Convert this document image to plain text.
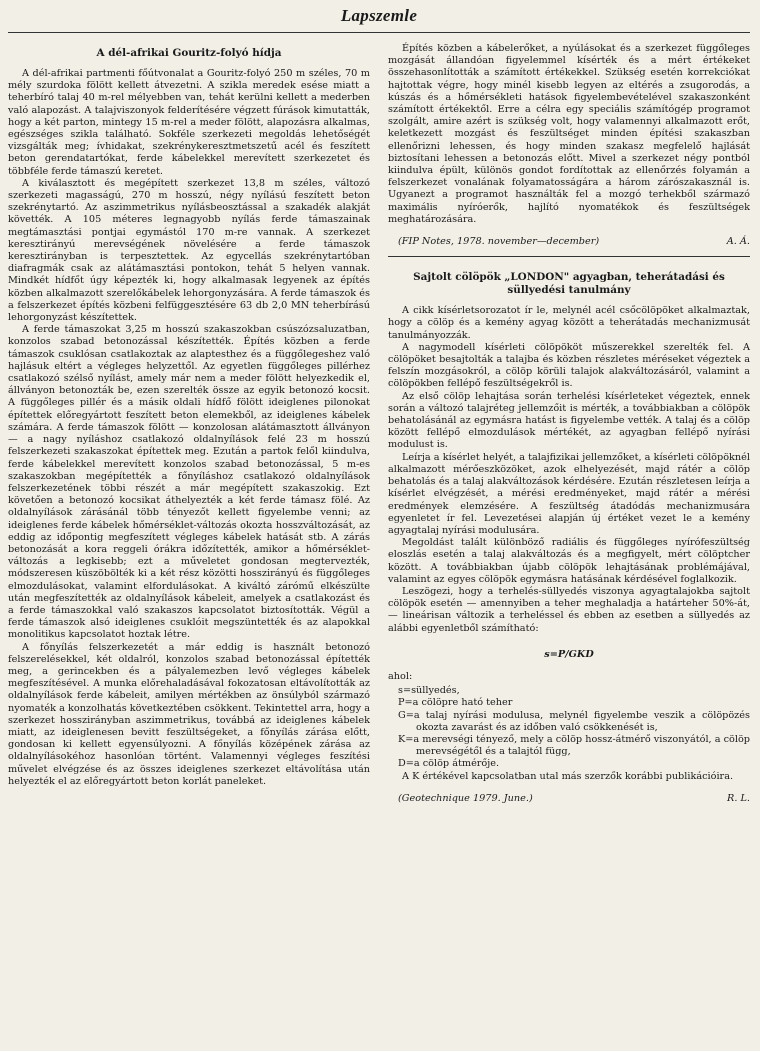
Lapszemle
A dél-afrikai Gouritz-folyó hídja

A dél-afrikai partmenti főútvonalat a Gouritz-folyó 250 m széles, 70 m mély szurdoka fölött kellett átvezetni. A szikla meredek esése miatt a teherbíró talaj 40 m-rel mélyebben van, tehát kerülni kellett a mederben való alapozást. A talajviszonyok felderítésére végzett fúrások kimutatták, hogy a két parton, mintegy 15 m-rel a meder fölött, alapozásra alkalmas, egészséges szikla található. Sokféle szerkezeti megoldás lehetőségét vizsgálták meg; ívhidakat, szekrénykeresztmetszetű acél és feszített beton gerendatartókat, ferde kábelekkel merevített szerkezetet és többféle ferde támaszú keretet.

A kiválasztott és megépített szerkezet 13,8 m széles, változó szerkezeti magasságú, 270 m hosszú, négy nyílású feszített beton szekrénytartó. Az aszimmetrikus nyílásbeosztással a szakadék alakját követték. A 105 méteres legnagyobb nyílás ferde támaszainak megtámasztási pontjai egymástól 170 m-re vannak. A szerkezet keresztirányú merevségének növelésére a ferde támaszok keresztirányban is terpesztettek. Az egycellás szekrénytartóban diafragmák csak az alátámasztási pontokon, tehát 5 helyen vannak. Mindkét hídfőt úgy képezték ki, hogy alkalmasak legyenek az építés közben alkalmazott szerelőkábelek lehorgonyzására. A ferde támaszok és a felszerkezet építés közbeni felfüggesztésére 63 db 2,0 MN teherbírású lehorgonyzást készítettek.

A ferde támaszokat 3,25 m hosszú szakaszokban csúszózsaluzatban, konzolos szabad betonozással készítették. Építés közben a ferde támaszok csuklósan csatlakoztak az alaptesthez és a függőlegeshez való hajlásuk eltért a végleges helyzettől. Az egyetlen függőleges pillérhez csatlakozó szélső nyílást, amely már nem a meder fölött helyezkedik el, állványon betonozták be, ezen szerelték össze az egyik betonozó kocsit. A függőleges pillér és a másik oldali hídfő fölött ideiglenes pilonokat építettek előregyártott feszített beton elemekből, az ideiglenes kábelek számára. A ferde támaszok fölött — konzolosan alátámasztott állványon — a nagy nyíláshoz csatlakozó oldalnyílások felé 23 m hosszú felszerkezeti szakaszokat építettek meg. Ezután a partok felől kiindulva, ferde kábelekkel merevített konzolos szabad betonozással, 5 m-es szakaszokban megépítették a főnyíláshoz csatlakozó oldalnyílások felszerkezetének többi részét a már megépített szakaszokig. Ezt követően a betonozó kocsikat áthelyezték a két ferde támasz fölé. Az oldalnyílások zárásánál több tényezőt kellett figyelembe venni; az ideiglenes ferde kábelek hőmérséklet-változás okozta hosszváltozását, az eddig az időpontig megfeszített végleges kábelek hatását stb. A zárás betonozását a kora reggeli órákra időzítették, amikor a hőmérséklet-változás a legkisebb; ezt a műveletet gondosan megtervezték, módszeresen küszöbölték ki a két rész közötti hosszirányú és függőleges elmozdulásokat, valamint elfordulásokat. A kiváltó zárómű elkészülte után megfeszítették az oldalnyílások kábeleit, amelyek a csatlakozást és a ferde támaszokkal való szakaszos kapcsolatot biztosították. Végül a ferde támaszok alsó ideiglenes csuklóit megszüntették és az alapokkal monolitikus kapcsolatot hoztak létre.

A főnyílás felszerkezetét a már eddig is használt betonozó felszerelésekkel, két oldalról, konzolos szabad betonozással építették meg, a gerincekben és a pályalemezben levő végleges kábelek megfeszítésével. A munka előrehaladásával fokozatosan eltávolították az oldalnyílások ferde kábeleit, amilyen mértékben az önsúlyból származó nyomaték a konzolhatás következtében csökkent. Tekintettel arra, hogy a szerkezet hosszirányban aszimmetrikus, továbbá az ideiglenes kábelek miatt, az ideiglenesen bevitt feszültségeket, a főnyílás zárása előtt, gondosan ki kellett egyensúlyozni. A főnyílás középének zárása az oldalnyílásokéhoz hasonlóan történt. Valamennyi végleges feszítési művelet elvégzése és az összes ideiglenes szerkezet eltávolítása után helyezték el az előregyártott beton korlát paneleket.

Építés közben a kábelerőket, a nyúlásokat és a szerkezet függőleges mozgását állandóan figyelemmel kísérték és a mért értékeket összehasonlították a számított értékekkel. Szükség esetén korrekciókat hajtottak végre, hogy minél kisebb legyen az eltérés a zsugorodás, a kúszás és a hőmérsékleti hatások figyelembevételével szakaszonként számított értékektől. Erre a célra egy speciális számítógép programot szolgált, amire azért is szükség volt, hogy valamennyi alkalmazott erőt, keletkezett mozgást és feszültséget minden építési szakaszban ellenőrizni lehessen, és hogy minden szakasz megfelelő hajlását biztosítani lehessen a betonozás előtt. Mivel a szerkezet négy pontból kiindulva épült, különös gondot fordítottak az ellenőrzés folyamán a felszerkezet vonalának folyamatosságára a három zárószakasznál is. Ugyanezt a programot használták fel a mozgó terhekből származó maximális nyíróerők, hajlító nyomatékok és feszültségek meghatározására.

(FIP Notes, 1978. november—december)	A. Á.
Sajtolt cölöpök „LONDON" agyagban, teherátadási és süllyedési tanulmány

A cikk kísérletsorozatot ír le, melynél acél csőcölöpöket alkalmaztak, hogy a cölöp és a kemény agyag között a teherátadás mechanizmusát tanulmányozzák.

A nagymodell kísérleti cölöpököt műszerekkel szerelték fel. A cölöpöket besajtolták a talajba és közben részletes méréseket végeztek a felszín mozgásokról, a cölöp körüli talajok alakváltozásáról, valamint a cölöpökben fellépő feszültségekről is.

Az első cölöp lehajtása során terhelési kísérleteket végeztek, ennek során a változó talajréteg jellemzőit is mérték, a továbbiakban a cölöpök behatolásánál az egymásra hatást is figyelembe vették. A talaj és a cölöp között fellépő elmozdulások mértékét, az agyagban fellépő nyírási modulust is.

Leírja a kísérlet helyét, a talajfizikai jellemzőket, a kísérleti cölöpöknél alkalmazott mérőeszközöket, azok elhelyezését, majd rátér a cölöp behatolás és a talaj alakváltozások kérdésére. Ezután részletesen leírja a kísérlet elvégzését, a mérési eredményeket, majd rátér a mérési eredmények elemzésére. A feszültség átadódás mechanizmusára egyenletet ír fel. Levezetései alapján új értéket vezet le a kemény agyagtalaj nyírási modulusára.

Megoldást talált különböző radiális és függőleges nyírófeszültség eloszlás esetén a talaj alakváltozás és a megfigyelt, mért cölöptcher között. A továbbiakban újabb cölöpök lehajtásának problémájával, valamint az egyes cölöpök egymásra hatásának kérdésével foglalkozik.

Leszögezi, hogy a terhelés-süllyedés viszonya agyagtalajokba sajtolt cölöpök esetén — amennyiben a teher meghaladja a határteher 50%-át, — lineárisan változik a terheléssel és ebben az esetben a süllyedés az alábbi egyenletből számítható:

s=P/GKD
ahol:

s=süllyedés,

P=a cölöpre ható teher

G=a talaj nyírási modulusa, melynél figyelembe veszik a cölöpözés okozta zavarást és az időben való csökkenését is,

K=a merevségi tényező, mely a cölöp hossz-átmérő viszonyától, a cölöp merevségétől és a talajtól függ,

D=a cölöp átmérője.

A K értékével kapcsolatban utal más szerzők korábbi publikációira.

(Geotechnique 1979. June.)	R. L.
